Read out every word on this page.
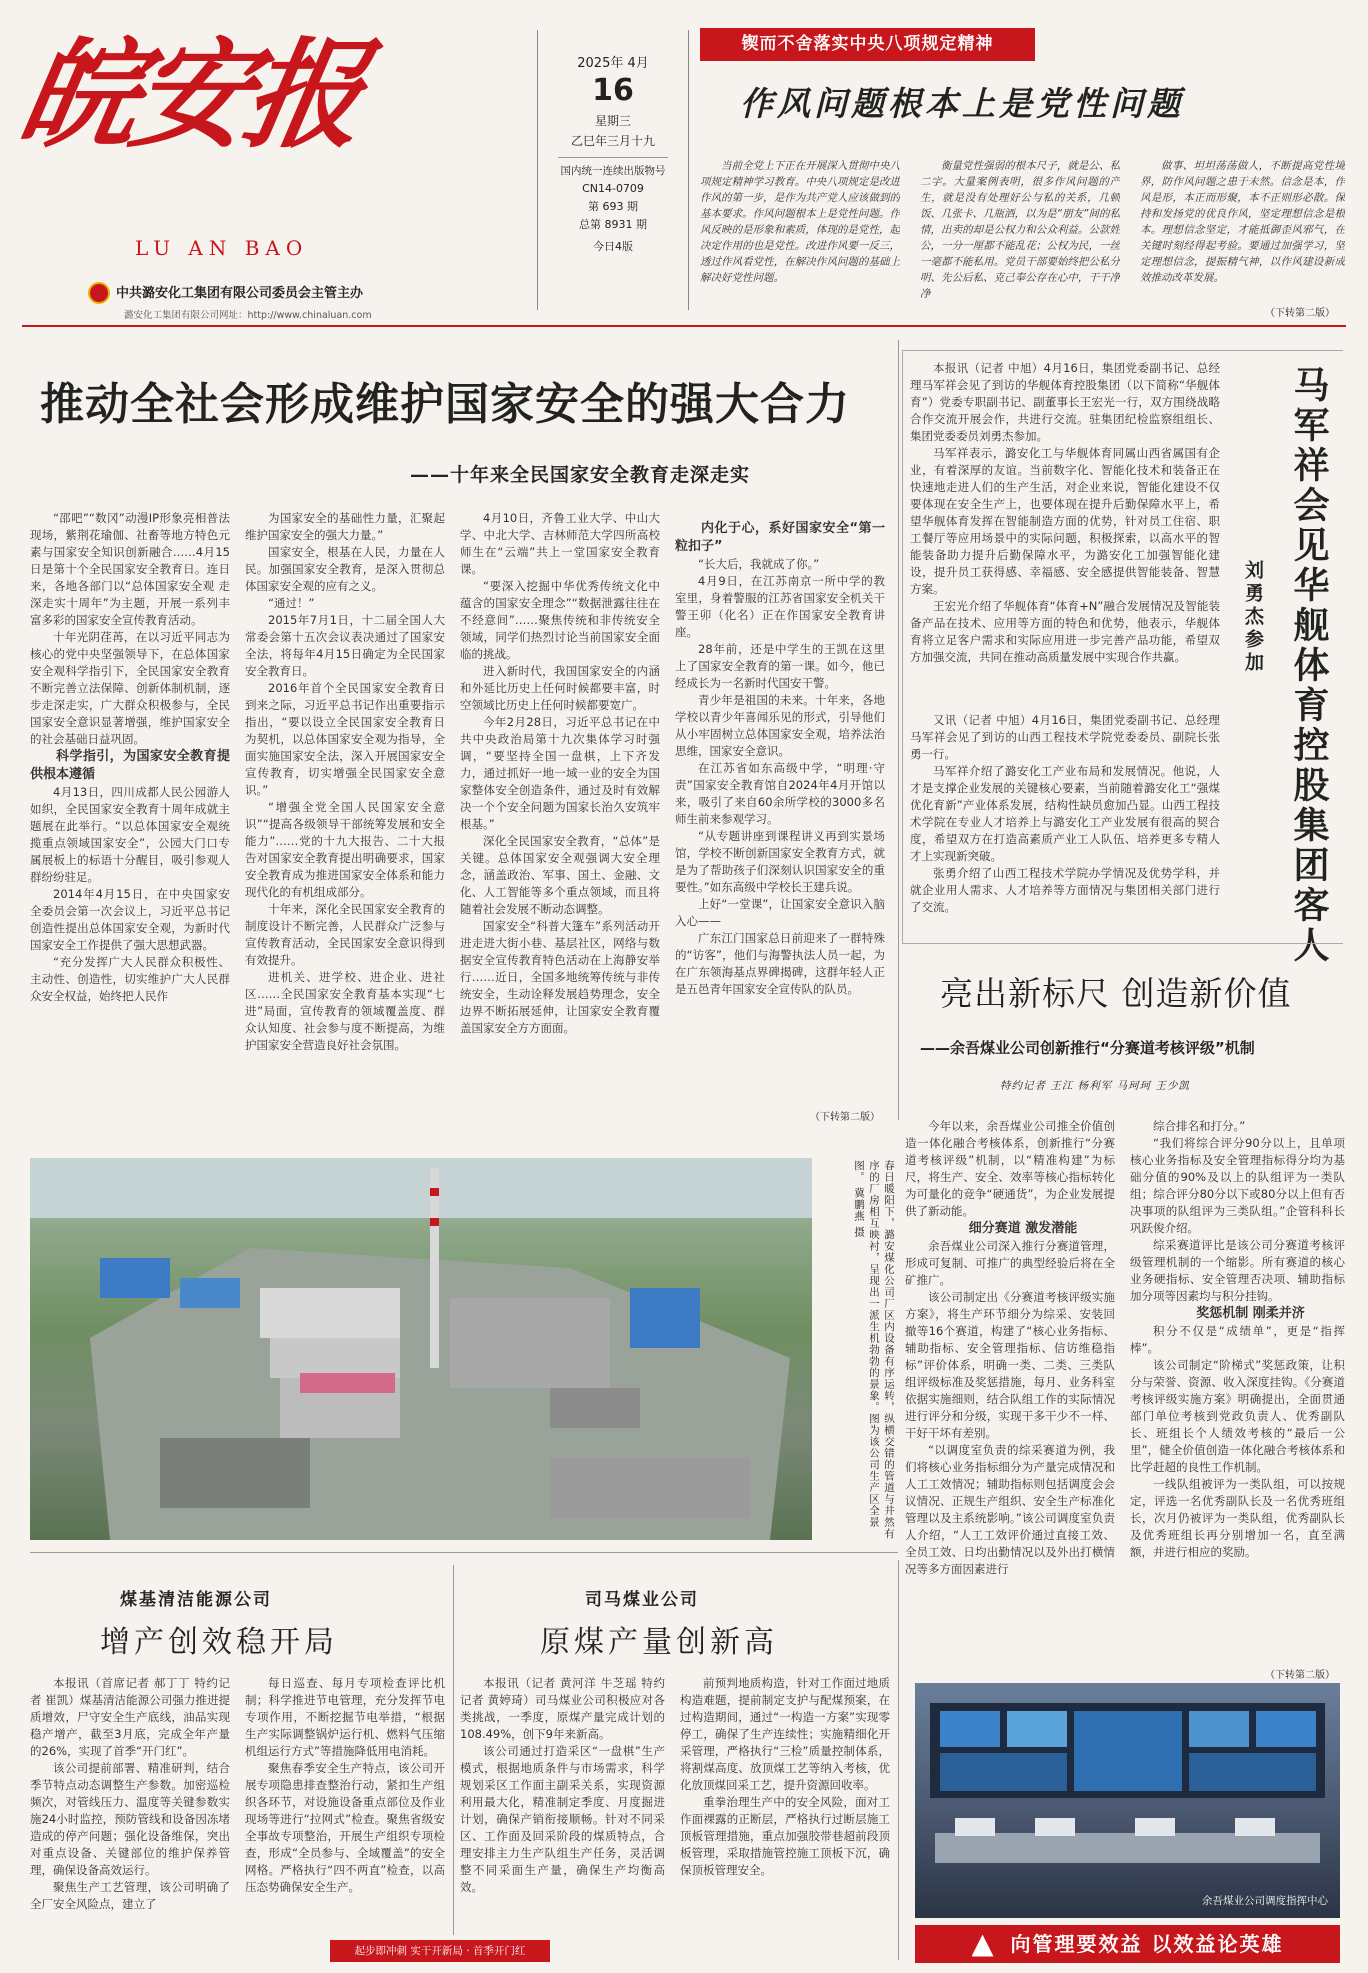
皖安报
LU AN BAO
中共潞安化工集团有限公司委员会主管主办
潞安化工集团有限公司网址：http://www.chinaluan.com
2025年 4月
16
星期三
乙巳年三月十九
国内统一连续出版物号
CN14-0709
第 693 期
总第 8931 期
今日4版
锲而不舍落实中央八项规定精神
作风问题根本上是党性问题

当前全党上下正在开展深入贯彻中央八项规定精神学习教育。中央八项规定是改进作风的第一步，是作为共产党人应该做到的基本要求。作风问题根本上是党性问题。作风反映的是形象和素质，体现的是党性，起决定作用的也是党性。改进作风要一反三，透过作风看党性，在解决作风问题的基础上解决好党性问题。

衡量党性强弱的根本尺子，就是公、私二字。大量案例表明，很多作风问题的产生，就是没有处理好公与私的关系，几顿饭、几张卡、几瓶酒，以为是“朋友”间的私情，出卖的却是公权力和公众利益。公款姓公，一分一厘都不能乱花；公权为民，一丝一毫都不能私用。党员干部要始终把公私分明、先公后私、克己奉公存在心中，干干净净

做事、坦坦荡荡做人，不断提高党性境界，防作风问题之患于未然。信念是本，作风是形，本正而形聚，本不正则形必散。保持和发扬党的优良作风，坚定理想信念是根本。理想信念坚定，才能抵御歪风邪气，在关键时刻经得起考验。要通过加强学习，坚定理想信念，提振精气神，以作风建设新成效推动改革发展。

（下转第二版）
推动全社会形成维护国家安全的强大合力
——十年来全民国家安全教育走深走实

“邵吧”“数冈”动漫IP形象亮相普法现场，紫荆花瑜伽、社畜等地方特色元素与国家安全知识创新融合……4月15日是第十个全民国家安全教育日。连日来，各地各部门以“总体国家安全观 走深走实十周年”为主题，开展一系列丰富多彩的国家安全宣传教育活动。

十年光阴荏苒，在以习近平同志为核心的党中央坚强领导下，在总体国家安全观科学指引下，全民国家安全教育不断完善立法保障、创新体制机制，逐步走深走实，广大群众积极参与，全民国家安全意识显著增强，维护国家安全的社会基础日益巩固。

科学指引，为国家安全教育提供根本遵循

4月13日，四川成都人民公园游人如织，全民国家安全教育十周年成就主题展在此举行。“以总体国家安全观统揽重点领域国家安全”，公园大门口专属展板上的标语十分醒目，吸引参观人群纷纷驻足。

2014年4月15日，在中央国家安全委员会第一次会议上，习近平总书记创造性提出总体国家安全观，为新时代国家安全工作提供了强大思想武器。

“充分发挥广大人民群众积极性、主动性、创造性，切实维护广大人民群众安全权益，始终把人民作

为国家安全的基础性力量，汇聚起维护国家安全的强大力量。”

国家安全，根基在人民，力量在人民。加强国家安全教育，是深入贯彻总体国家安全观的应有之义。

“通过！”

2015年7月1日，十二届全国人大常委会第十五次会议表决通过了国家安全法，将每年4月15日确定为全民国家安全教育日。

2016年首个全民国家安全教育日到来之际，习近平总书记作出重要指示指出，“要以设立全民国家安全教育日为契机，以总体国家安全观为指导，全面实施国家安全法，深入开展国家安全宣传教育，切实增强全民国家安全意识。”

“增强全党全国人民国家安全意识”“提高各级领导干部统筹发展和安全能力”……党的十九大报告、二十大报告对国家安全教育提出明确要求，国家安全教育成为推进国家安全体系和能力现代化的有机组成部分。

十年来，深化全民国家安全教育的制度设计不断完善，人民群众广泛参与宣传教育活动，全民国家安全意识得到有效提升。

进机关、进学校、进企业、进社区……全民国家安全教育基本实现“七进”局面，宣传教育的领域覆盖度、群众认知度、社会参与度不断提高，为维护国家安全营造良好社会氛围。

4月10日，齐鲁工业大学、中山大学、中北大学、吉林师范大学四所高校师生在“云端”共上一堂国家安全教育课。

“要深入挖掘中华优秀传统文化中蕴含的国家安全理念”“数据泄露往往在不经意间”……聚焦传统和非传统安全领域，同学们热烈讨论当前国家安全面临的挑战。

进入新时代，我国国家安全的内涵和外延比历史上任何时候都要丰富，时空领域比历史上任何时候都要宽广。

今年2月28日，习近平总书记在中共中央政治局第十九次集体学习时强调，“要坚持全国一盘棋，上下齐发力，通过抓好一地一域一业的安全为国家整体安全创造条件，通过及时有效解决一个个安全问题为国家长治久安筑牢根基。”

深化全民国家安全教育，“总体”是关键。总体国家安全观强调大安全理念，涵盖政治、军事、国土、金融、文化、人工智能等多个重点领域，而且将随着社会发展不断动态调整。

国家安全“科普大篷车”系列活动开进走进大街小巷、基层社区，网络与数据安全宣传教育特色活动在上海静安举行……近日，全国多地统筹传统与非传统安全，生动诠释发展趋势理念，安全边界不断拓展延伸，让国家安全教育覆盖国家安全方方面面。

内化于心，系好国家安全“第一粒扣子”

“长大后，我就成了你。”

4月9日，在江苏南京一所中学的教室里，身着警服的江苏省国家安全机关干警王卯（化名）正在作国家安全教育讲座。

28年前，还是中学生的王凯在这里上了国家安全教育的第一课。如今，他已经成长为一名新时代国安干警。

青少年是祖国的未来。十年来，各地学校以青少年喜闻乐见的形式，引导他们从小牢固树立总体国家安全观，培养法治思维，国家安全意识。

在江苏省如东高级中学，“明理·守责”国家安全教育馆自2024年4月开馆以来，吸引了来自60余所学校的3000多名师生前来参观学习。

“从专题讲座到课程讲义再到实景场馆，学校不断创新国家安全教育方式，就是为了帮助孩子们深刻认识国家安全的重要性。”如东高级中学校长王建兵说。

上好“一堂课”，让国家安全意识入脑入心——

广东江门国家总日前迎来了一群特殊的“访客”，他们与海警执法人员一起，为在广东领海基点界碑揭碑，这群年轻人正是五邑青年国家安全宣传队的队员。

（下转第二版）

本报讯（记者 中旭）4月16日，集团党委副书记、总经理马军祥会见了到访的华舰体育控股集团（以下简称“华舰体育”）党委专职副书记、副董事长王宏光一行，双方围绕战略合作交流开展会作，共进行交流。驻集团纪检监察组组长、集团党委委员刘勇杰参加。

马军祥表示，潞安化工与华舰体育同属山西省属国有企业，有着深厚的友谊。当前数字化、智能化技术和装备正在快速地走进人们的生产生活，对企业来说，智能化建设不仅要体现在安全生产上，也要体现在提升后勤保障水平上，希望华舰体育发挥在智能制造方面的优势，针对员工住宿、职工餐厅等应用场景中的实际问题，积极探索，以高水平的智能装备助力提升后勤保障水平，为潞安化工加强智能化建设，提升员工获得感、幸福感、安全感提供智能装备、智慧方案。

王宏光介绍了华舰体育“体育+N”融合发展情况及智能装备产品在技术、应用等方面的特色和优势，他表示，华舰体育将立足客户需求和实际应用进一步完善产品功能，希望双方加强交流，共同在推动高质量发展中实现合作共赢。

又讯（记者 中旭）4月16日，集团党委副书记、总经理马军祥会见了到访的山西工程技术学院党委委员、副院长张勇一行。

马军祥介绍了潞安化工产业布局和发展情况。他说，人才是支撑企业发展的关键核心要素，当前随着潞安化工“强煤优化育新”产业体系发展，结构性缺员愈加凸显。山西工程技术学院在专业人才培养上与潞安化工产业发展有很高的契合度，希望双方在打造高素质产业工人队伍、培养更多专精人才上实现新突破。

张勇介绍了山西工程技术学院办学情况及优势学科，并就企业用人需求、人才培养等方面情况与集团相关部门进行了交流。	马军祥会见华舰体育控股集团客人
刘勇杰参加
亮出新标尺 创造新价值
——余吾煤业公司创新推行“分赛道考核评级”机制
特约记者 王江 杨利军 马珂珂 王少凯

今年以来，余吾煤业公司推全价值创造一体化融合考核体系，创新推行“分赛道考核评级”机制，以“精准构建”为标尺，将生产、安全、效率等核心指标转化为可量化的竞争“硬通货”，为企业发展提供了新动能。

细分赛道 激发潜能

余吾煤业公司深入推行分赛道管理，形成可复制、可推广的典型经验后将在全矿推广。

该公司制定出《分赛道考核评级实施方案》，将生产环节细分为综采、安装回撤等16个赛道，构建了“核心业务指标、辅助指标、安全管理指标、信访维稳指标”评价体系，明确一类、二类、三类队组评级标准及奖惩措施，每月、业务科室依据实施细则，结合队组工作的实际情况进行评分和分级，实现干多干少不一样、干好干坏有差别。

“以调度室负责的综采赛道为例，我们将核心业务指标细分为产量完成情况和人工工效情况；辅助指标则包括调度会会议情况、正规生产组织、安全生产标准化管理以及主系统影响。”该公司调度室负责人介绍，“人工工效评价通过直接工效、全员工效、日均出勤情况以及外出打横情况等多方面因素进行

综合排名和打分。”

“我们将综合评分90分以上，且单项核心业务指标及安全管理指标得分均为基础分值的90%及以上的队组评为一类队组；综合评分80分以下或80分以上但有否决事项的队组评为三类队组。”企管科科长巩跃俊介绍。

综采赛道评比是该公司分赛道考核评级管理机制的一个缩影。所有赛道的核心业务硬指标、安全管理否决项、辅助指标加分项等因素均与积分挂钩。

奖惩机制 刚柔并济

积分不仅是“成绩单”，更是“指挥棒”。

该公司制定“阶梯式”奖惩政策，让积分与荣誉、资源、收入深度挂钩。《分赛道考核评级实施方案》明确提出，全面贯通部门单位考核到党政负责人、优秀副队长、班组长个人绩效考核的“最后一公里”，健全价值创造一体化融合考核体系和比学赶超的良性工作机制。

一线队组被评为一类队组，可以按规定，评选一名优秀副队长及一名优秀班组长，次月仍被评为一类队组，优秀副队长及优秀班组长再分别增加一名，直至满额，并进行相应的奖励。

（下转第二版）
春日暖阳下，潞安煤化公司厂区内设备有序运转，纵横交错的管道与井然有序的厂房相互映衬，呈现出一派生机勃勃的景象。图为该公司生产区全景图。 冀鹏燕 摄
煤基清洁能源公司
增产创效稳开局

本报讯（首席记者 郝丁丁 特约记者 崔凯）煤基清洁能源公司强力推进提质增效，尸守安全生产底线，油品实现稳产增产，截至3月底，完成全年产量的26%，实现了首季“开门红”。

该公司提前部署、精准研判，结合季节特点动态调整生产参数。加密巡检频次，对管线压力、温度等关键参数实施24小时监控，预防管线和设备因冻堵造成的停产问题；强化设备维保，突出对重点设备、关键部位的维护保养管理，确保设备高效运行。

聚焦生产工艺管理，该公司明确了全厂安全风险点，建立了

每日巡查、每月专项检查评比机制；科学推进节电管理，充分发挥节电专项作用，不断挖掘节电举措，“根据生产实际调整锅炉运行机、燃料气压缩机组运行方式”等措施降低用电消耗。

聚焦春季安全生产特点，该公司开展专项隐患排查整治行动，紧扣生产组织各环节，对设施设备重点部位及作业现场等进行“拉网式”检查。聚焦省级安全事故专项整治，开展生产组织专项检查，形成“全员参与、全域覆盖”的安全网格。严格执行“四不两直”检查，以高压态势确保安全生产。

起步即冲刺 实干开新局 · 首季开门红
司马煤业公司
原煤产量创新高

本报讯（记者 黄河洋 牛芝瑶 特约记者 黄婷琦）司马煤业公司积极应对各类挑战，一季度，原煤产量完成计划的108.49%，创下9年来新高。

该公司通过打造采区“一盘棋”生产模式，根据地质条件与市场需求，科学规划采区工作面主副采关系，实现资源利用最大化，精准制定季度、月度掘进计划，确保产销衔接顺畅。针对不同采区、工作面及回采阶段的煤质特点，合理安排主力生产队组生产任务，灵活调整不同采面生产量，确保生产均衡高效。

前预判地质构造，针对工作面过地质构造难题，提前制定支护与配煤预案，在过构造期间，通过“一构造一方案”实现零停工，确保了生产连续性；实施精细化开采管理，严格执行“三检”质量控制体系，将割煤高度、放顶煤工艺等纳入考核，优化放顶煤回采工艺，提升资源回收率。

重拳治理生产中的安全风险，面对工作面裸露的正断层，严格执行过断层施工顶板管理措施，重点加强胶带巷超前段顶板管理，采取措施管控施工顶板下沉，确保顶板管理安全。

余吾煤业公司调度指挥中心
向管理要效益 以效益论英雄
